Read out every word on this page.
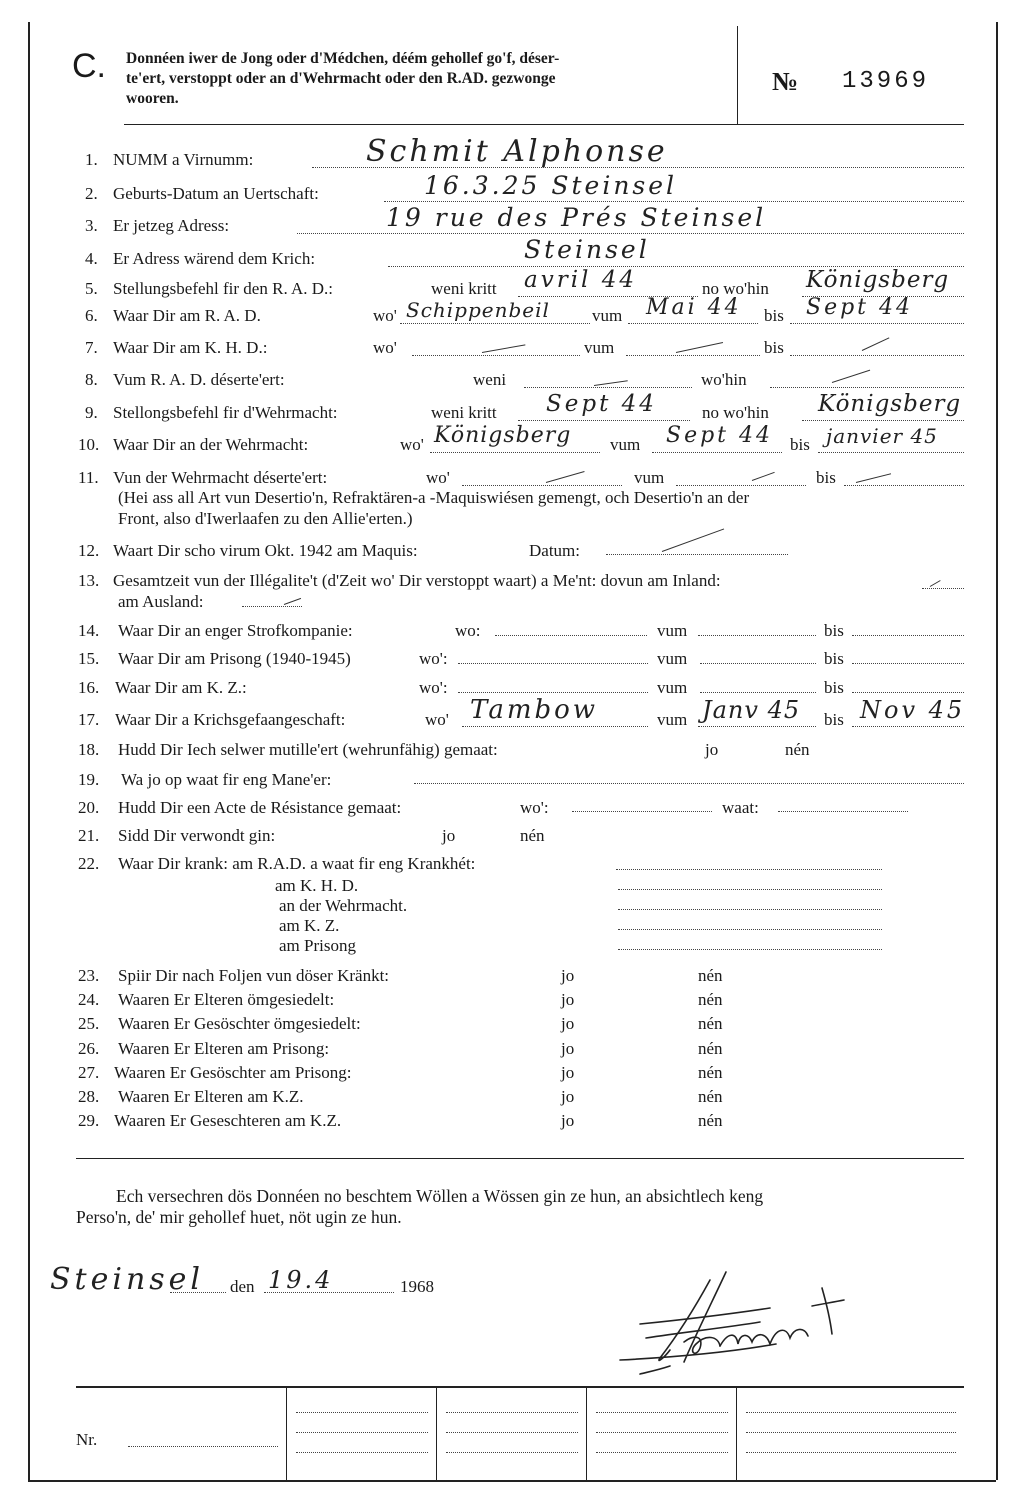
C. Donnéen iwer de Jong oder d'Médchen, déém gehollef go'f, déser-
te'ert, verstoppt oder an d'Wehrmacht oder den R.AD. gezwonge
wooren.
№ 13969
1. NUMM a Virnumm:	Schmit Alphonse
2. Geburts-Datum an Uertschaft:	16.3.25 Steinsel
3. Er jetzeg Adress:	19 rue des Prés Steinsel
4. Er Adress wärend dem Krich:	Steinsel
5. Stellungsbefehl fir den R. A. D.:	weni kritt avril 44	no wo'hin Königsberg
6. Waar Dir am R. A. D.	wo' Schippenbeil vum Mai 44 bis Sept 44
7. Waar Dir am K. H. D.:	wo'	vum	bis
8. Vum R. A. D. déserte'ert:	weni	wo'hin
9. Stellongsbefehl fir d'Wehrmacht:	weni kritt Sept 44	no wo'hin Königsberg
10. Waar Dir an der Wehrmacht:	wo' Königsberg vum Sept 44 bis janvier 45
11. Vun der Wehrmacht déserte'ert:	wo'	vum	bis
(Hei ass all Art vun Desertio'n, Refraktären-a -Maquiswiésen gemengt, och Desertio'n an der
Front, also d'Iwerlaafen zu den Allie'erten.)
12. Waart Dir scho virum Okt. 1942 am Maquis:	Datum:
13. Gesamtzeit vun der Illégalite't (d'Zeit wo' Dir verstoppt waart) a Me'nt: dovun am Inland:
am Ausland:
14. Waar Dir an enger Strofkompanie:	wo:	vum	bis
15. Waar Dir am Prisong (1940-1945)	wo':	vum	bis
16. Waar Dir am K. Z.:	wo':	vum	bis
17. Waar Dir a Krichsgefaangeschaft:	wo' Tambow	vum Janv 45 bis Nov 45
18. Hudd Dir Iech selwer mutille'ert (wehrunfähig) gemaat:	jo	nén
19. Wa jo op waat fir eng Mane'er:
20. Hudd Dir een Acte de Résistance gemaat:	wo':	waat:
21. Sidd Dir verwondt gin:	jo	nén
22. Waar Dir krank: am R.A.D. a waat fir eng Krankhét:
am K. H. D.
an der Wehrmacht.
am K. Z.
am Prisong
23. Spiir Dir nach Foljen vun döser Kränkt:	jo	nén
24. Waaren Er Elteren ömgesiedelt:	jo	nén
25. Waaren Er Gesöschter ömgesiedelt:	jo	nén
26. Waaren Er Elteren am Prisong:	jo	nén
27. Waaren Er Gesöschter am Prisong:	jo	nén
28. Waaren Er Elteren am K.Z.	jo	nén
29. Waaren Er Geseschteren am K.Z.	jo	nén
Ech versechren dös Donnéen no beschtem Wöllen a Wössen gin ze hun, an absichtlech keng
Perso'n, de' mir gehollef huet, nöt ugin ze hun.
Steinsel den 19.4	1968
Nr.
